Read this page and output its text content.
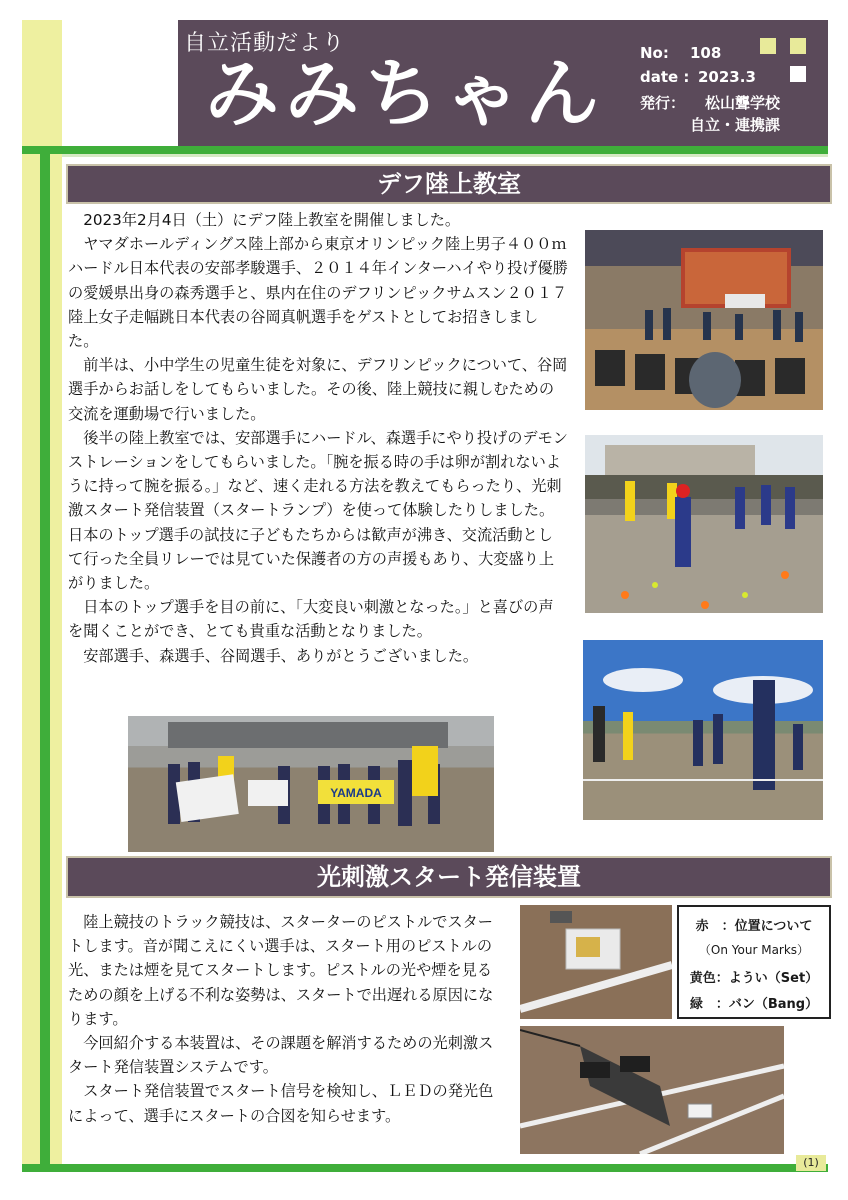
自立活動だより
みみちゃん No: 108
date : 2023.3
発行： 松山聾学校
自立・連携課
(1)
デフ陸上教室

2023年2月4日（土）にデフ陸上教室を開催しました。

ヤマダホールディングス陸上部から東京オリンピック陸上男子４００ｍハードル日本代表の安部孝駿選手、２０１４年インターハイやり投げ優勝の愛媛県出身の森秀選手と、県内在住のデフリンピックサムスン２０１７陸上女子走幅跳日本代表の谷岡真帆選手をゲストとしてお招きしました。

前半は、小中学生の児童生徒を対象に、デフリンピックについて、谷岡選手からお話しをしてもらいました。その後、陸上競技に親しむための交流を運動場で行いました。

後半の陸上教室では、安部選手にハードル、森選手にやり投げのデモンストレーションをしてもらいました。「腕を振る時の手は卵が割れないように持って腕を振る。」など、速く走れる方法を教えてもらったり、光刺激スタート発信装置（スタートランプ）を使って体験したりしました。日本のトップ選手の試技に子どもたちからは歓声が沸き、交流活動として行った全員リレーでは見ていた保護者の方の声援もあり、大変盛り上がりました。

日本のトップ選手を目の前に、「大変良い刺激となった。」と喜びの声を聞くことができ、とても貴重な活動となりました。

安部選手、森選手、谷岡選手、ありがとうございました。

YAMADA
光刺激スタート発信装置

陸上競技のトラック競技は、スターターのピストルでスタートします。音が聞こえにくい選手は、スタート用のピストルの光、または煙を見てスタートします。ピストルの光や煙を見るための顔を上げる不利な姿勢は、スタートで出遅れる原因になります。

今回紹介する本装置は、その課題を解消するための光刺激スタート発信装置システムです。

スタート発信装置でスタート信号を検知し、ＬＥＤの発光色によって、選手にスタートの合図を知らせます。

赤　：位置について
（On Your Marks）
黄色：ようい（Set）
緑　：バン（Bang）
